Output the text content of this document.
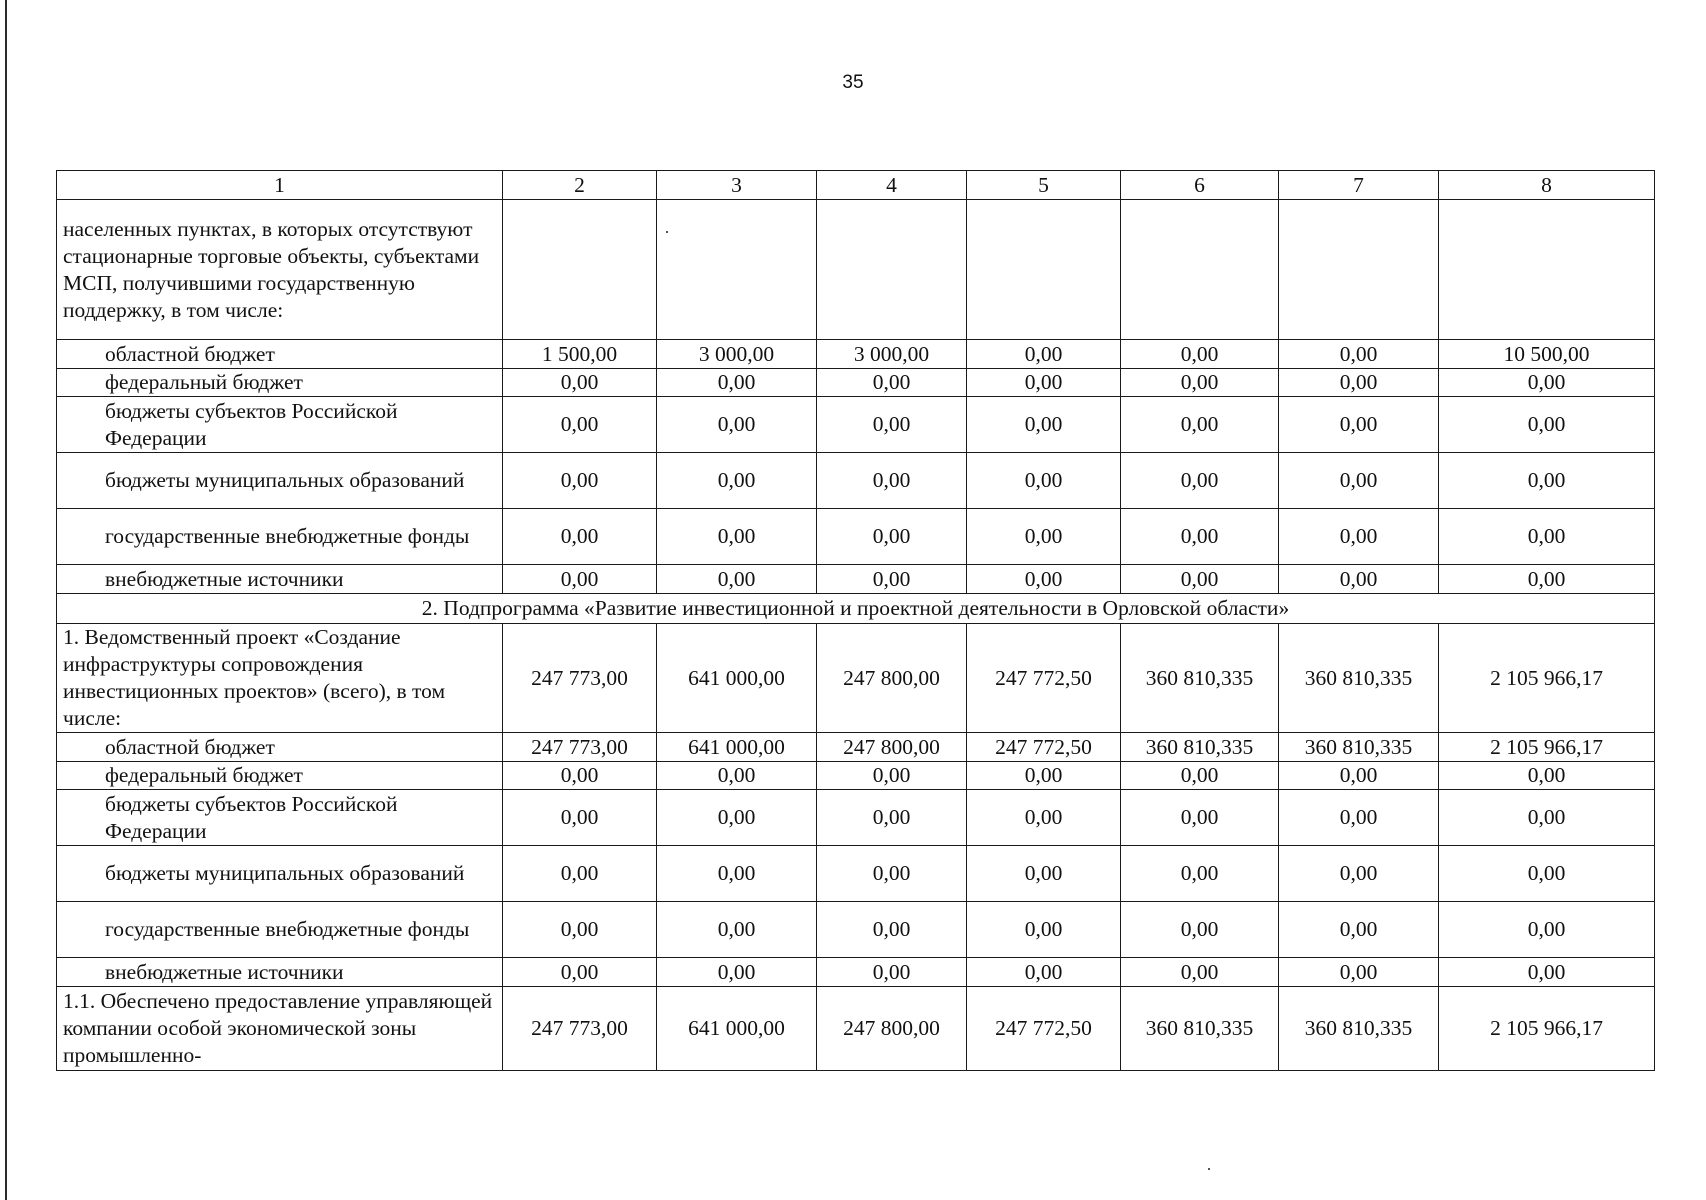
35
1	2	3	4	5	6	7	8
населенных пунктах, в которых отсутствуют стационарные торговые объекты, субъектами МСП, получившими государственную поддержку, в том числе:							
областной бюджет	1 500,00	3 000,00	3 000,00	0,00	0,00	0,00	10 500,00
федеральный бюджет	0,00	0,00	0,00	0,00	0,00	0,00	0,00
бюджеты субъектов Российской Федерации	0,00	0,00	0,00	0,00	0,00	0,00	0,00
бюджеты муниципальных образований	0,00	0,00	0,00	0,00	0,00	0,00	0,00
государственные внебюджетные фонды	0,00	0,00	0,00	0,00	0,00	0,00	0,00
внебюджетные источники	0,00	0,00	0,00	0,00	0,00	0,00	0,00
2. Подпрограмма «Развитие инвестиционной и проектной деятельности в Орловской области»							
1. Ведомственный проект «Создание инфраструктуры сопровождения инвестиционных проектов» (всего), в том числе:	247 773,00	641 000,00	247 800,00	247 772,50	360 810,335	360 810,335	2 105 966,17
областной бюджет	247 773,00	641 000,00	247 800,00	247 772,50	360 810,335	360 810,335	2 105 966,17
федеральный бюджет	0,00	0,00	0,00	0,00	0,00	0,00	0,00
бюджеты субъектов Российской Федерации	0,00	0,00	0,00	0,00	0,00	0,00	0,00
бюджеты муниципальных образований	0,00	0,00	0,00	0,00	0,00	0,00	0,00
государственные внебюджетные фонды	0,00	0,00	0,00	0,00	0,00	0,00	0,00
внебюджетные источники	0,00	0,00	0,00	0,00	0,00	0,00	0,00
1.1. Обеспечено предоставление управляющей компании особой экономической зоны промышленно-	247 773,00	641 000,00	247 800,00	247 772,50	360 810,335	360 810,335	2 105 966,17
